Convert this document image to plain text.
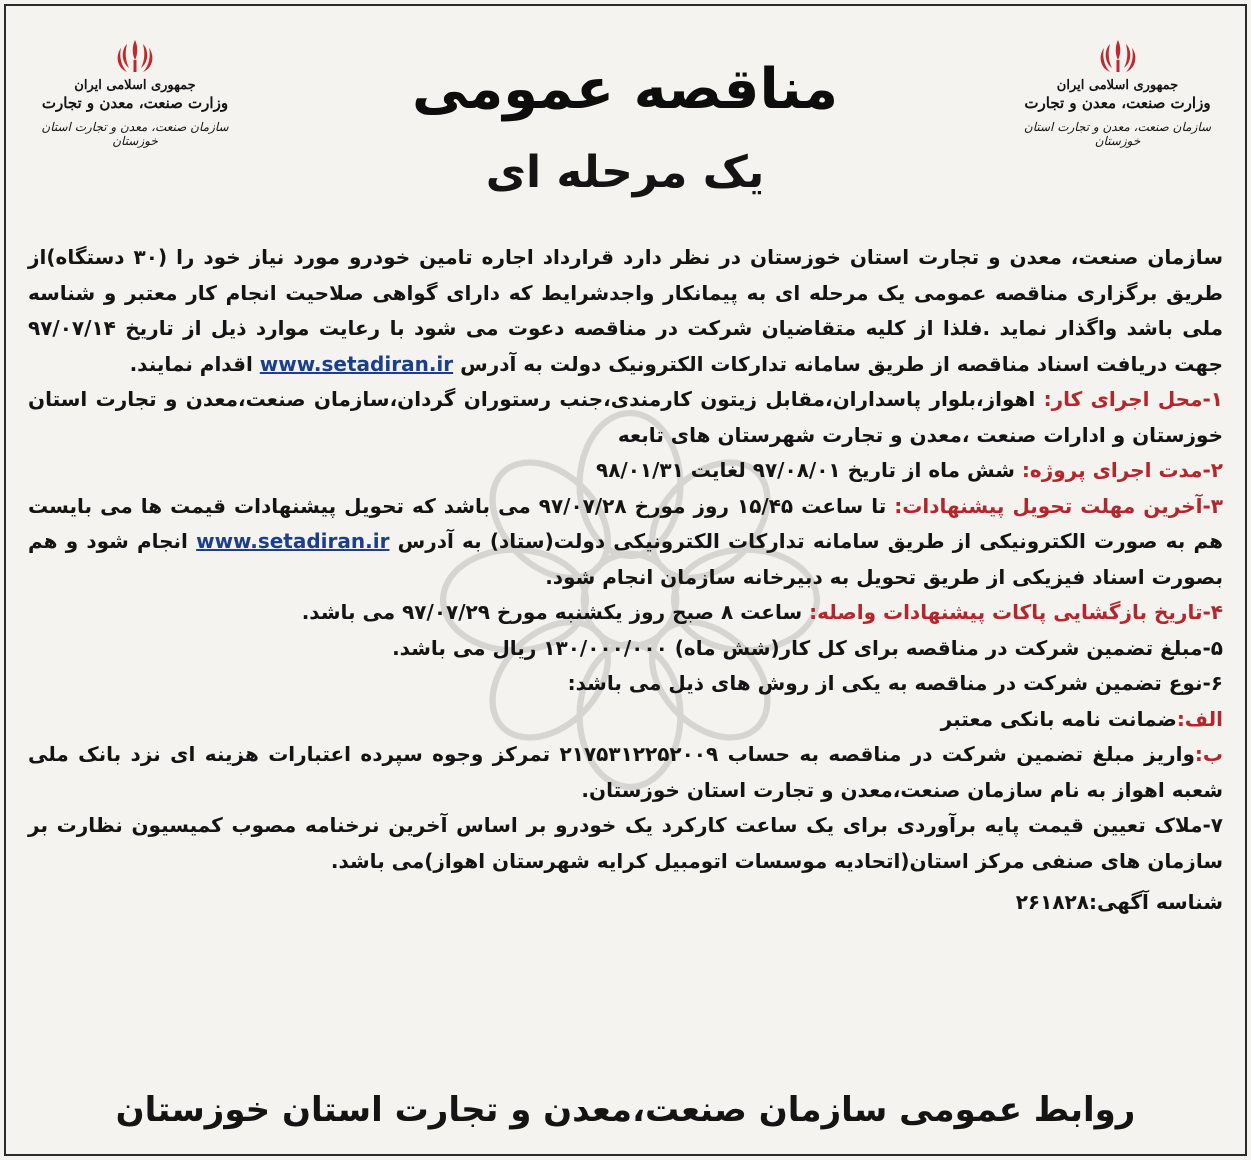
جمهوری اسلامی ایران
وزارت صنعت، معدن و تجارت
سازمان صنعت، معدن و تجارت استان خوزستان
جمهوری اسلامی ایران
وزارت صنعت، معدن و تجارت
سازمان صنعت، معدن و تجارت استان خوزستان
مناقصه عمومی
یک مرحله ای

سازمان صنعت، معدن و تجارت استان خوزستان در نظر دارد قرارداد اجاره تامین خودرو مورد نیاز خود را (۳۰ دستگاه)از طریق برگزاری مناقصه عمومی یک مرحله ای به پیمانکار واجدشرایط که دارای گواهی صلاحیت انجام کار معتبر و شناسه ملی باشد واگذار نماید .فلذا از کلیه متقاضیان شرکت در مناقصه دعوت می شود با رعایت موارد ذیل از تاریخ ۹۷/۰۷/۱۴ جهت دریافت اسناد مناقصه از طریق سامانه تدارکات الکترونیک دولت به آدرس www.setadiran.ir اقدام نمایند.

۱-محل اجرای کار: اهواز،بلوار پاسداران،مقابل زیتون کارمندی،جنب رستوران گردان،سازمان صنعت،معدن و تجارت استان خوزستان و ادارات صنعت ،معدن و تجارت شهرستان های تابعه

۲-مدت اجرای پروژه: شش ماه از تاریخ ۹۷/۰۸/۰۱ لغایت ۹۸/۰۱/۳۱

۳-آخرین مهلت تحویل پیشنهادات: تا ساعت ۱۵/۴۵ روز مورخ ۹۷/۰۷/۲۸ می باشد که تحویل پیشنهادات قیمت ها می بایست هم به صورت الکترونیکی از طریق سامانه تدارکات الکترونیکی دولت(ستاد) به آدرس www.setadiran.ir انجام شود و هم بصورت اسناد فیزیکی از طریق تحویل به دبیرخانه سازمان انجام شود.

۴-تاریخ بازگشایی پاکات پیشنهادات واصله: ساعت ۸ صبح روز یکشنبه مورخ ۹۷/۰۷/۲۹ می باشد.

۵-مبلغ تضمین شرکت در مناقصه برای کل کار(شش ماه) ۱۳۰/۰۰۰/۰۰۰ ریال می باشد.

۶-نوع تضمین شرکت در مناقصه به یکی از روش های ذیل می باشد:

الف:ضمانت نامه بانکی معتبر

ب:واریز مبلغ تضمین شرکت در مناقصه به حساب ۲۱۷۵۳۱۲۲۵۲۰۰۹ تمرکز وجوه سپرده اعتبارات هزینه ای نزد بانک ملی شعبه اهواز به نام سازمان صنعت،معدن و تجارت استان خوزستان.

۷-ملاک تعیین قیمت پایه برآوردی برای یک ساعت کارکرد یک خودرو بر اساس آخرین نرخنامه مصوب کمیسیون نظارت بر سازمان های صنفی مرکز استان(اتحادیه موسسات اتومبیل کرایه شهرستان اهواز)می باشد.

شناسه آگهی:۲۶۱۸۲۸

روابط عمومی سازمان صنعت،معدن و تجارت استان خوزستان
